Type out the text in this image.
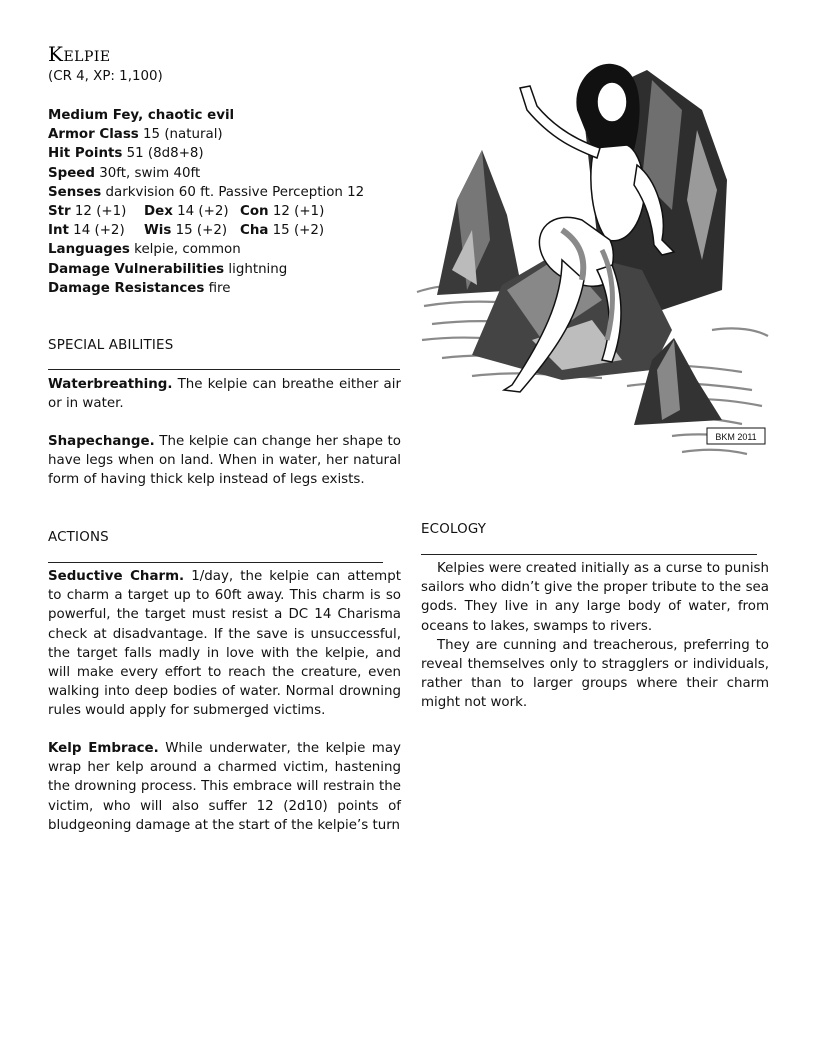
Kelpie
(CR 4, XP: 1,100)
Medium Fey, chaotic evil
Armor Class 15 (natural)
Hit Points 51 (8d8+8)
Speed 30ft, swim 40ft
Senses darkvision 60 ft. Passive Perception 12
Str 12 (+1) Dex 14 (+2) Con 12 (+1)
Int 14 (+2) Wis 15 (+2) Cha 15 (+2)
Languages kelpie, common
Damage Vulnerabilities lightning
Damage Resistances fire
SPECIAL ABILITIES
Waterbreathing. The kelpie can breathe either air or in water.
Shapechange. The kelpie can change her shape to have legs when on land. When in water, her natural form of having thick kelp instead of legs exists.
ACTIONS
Seductive Charm. 1/day, the kelpie can attempt to charm a target up to 60ft away. This charm is so powerful, the target must resist a DC 14 Charisma check at disadvantage. If the save is unsuccessful, the target falls madly in love with the kelpie, and will make every effort to reach the creature, even walking into deep bodies of water. Normal drowning rules would apply for submerged victims.
Kelp Embrace. While underwater, the kelpie may wrap her kelp around a charmed victim, hastening the drowning process. This embrace will restrain the victim, who will also suffer 12 (2d10) points of bludgeoning damage at the start of the kelpie’s turn
ECOLOGY

Kelpies were created initially as a curse to punish sailors who didn’t give the proper tribute to the sea gods. They live in any large body of water, from oceans to lakes, swamps to rivers.

They are cunning and treacherous, preferring to reveal themselves only to stragglers or individuals, rather than to larger groups where their charm might not work.

BKM 2011
